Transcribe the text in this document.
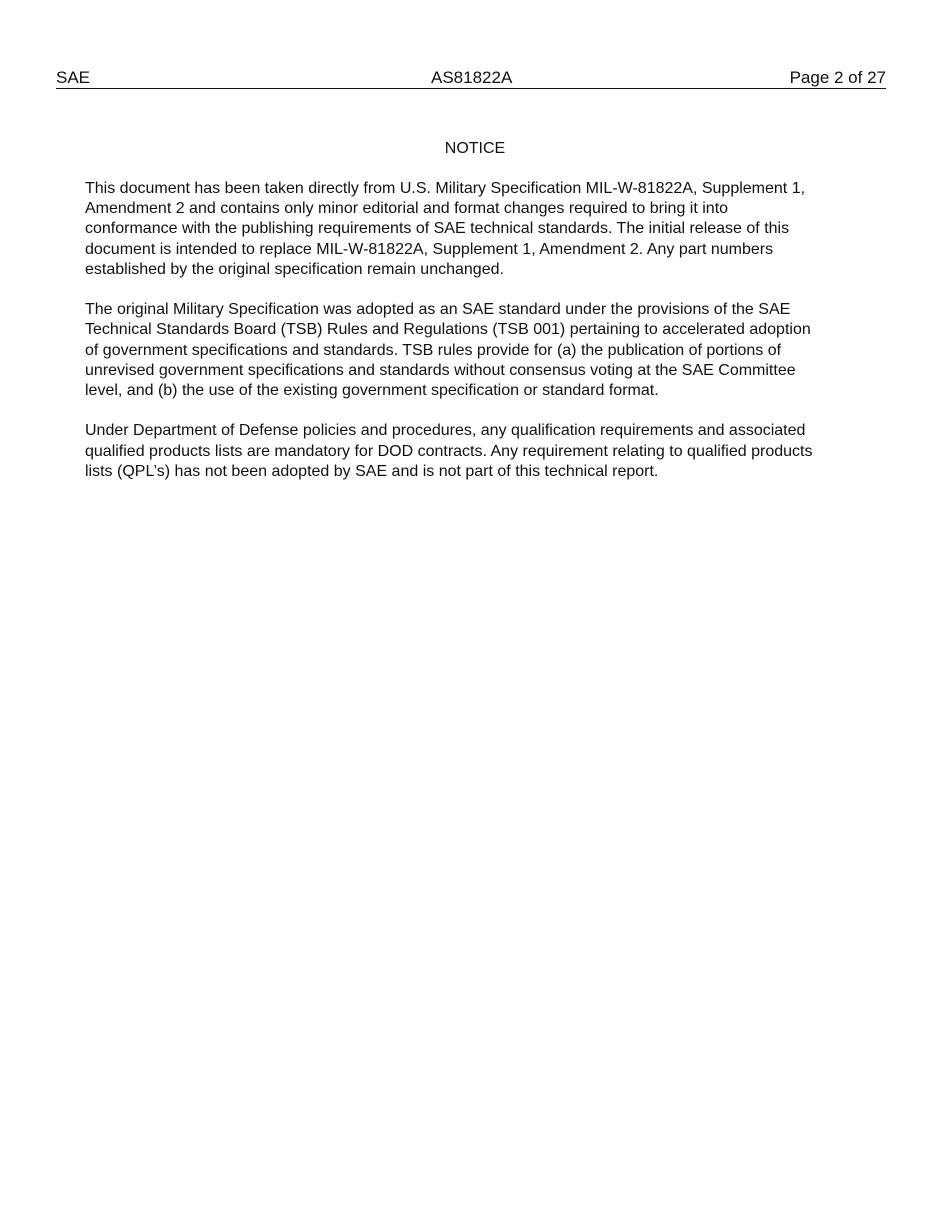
SAE	AS81822A	Page 2 of 27
NOTICE

This document has been taken directly from U.S. Military Specification MIL-W-81822A, Supplement 1,
Amendment 2 and contains only minor editorial and format changes required to bring it into
conformance with the publishing requirements of SAE technical standards. The initial release of this
document is intended to replace MIL-W-81822A, Supplement 1, Amendment 2. Any part numbers
established by the original specification remain unchanged.

The original Military Specification was adopted as an SAE standard under the provisions of the SAE
Technical Standards Board (TSB) Rules and Regulations (TSB 001) pertaining to accelerated adoption
of government specifications and standards. TSB rules provide for (a) the publication of portions of
unrevised government specifications and standards without consensus voting at the SAE Committee
level, and (b) the use of the existing government specification or standard format.

Under Department of Defense policies and procedures, any qualification requirements and associated
qualified products lists are mandatory for DOD contracts. Any requirement relating to qualified products
lists (QPL’s) has not been adopted by SAE and is not part of this technical report.
